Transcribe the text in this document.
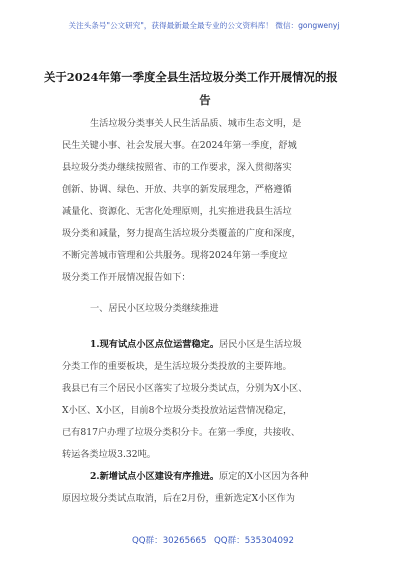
关注头条号"公文研究"，获得最新最全最专业的公文资料库！ 微信：gongwenyj
关于2024年第一季度全县生活垃圾分类工作开展情况的报
告
生活垃圾分类事关人民生活品质、城市生态文明，是
民生关键小事、社会发展大事。在2024年第一季度，舒城
县垃圾分类办继续按照省、市的工作要求，深入贯彻落实
创新、协调、绿色、开放、共享的新发展理念，严格遵循
减量化、资源化、无害化处理原则，扎实推进我县生活垃
圾分类和减量，努力提高生活垃圾分类覆盖的广度和深度，
不断完善城市管理和公共服务。现将2024年第一季度垃
圾分类工作开展情况报告如下：
一、居民小区垃圾分类继续推进
1.现有试点小区点位运营稳定。居民小区是生活垃圾
分类工作的重要板块，是生活垃圾分类投放的主要阵地。
我县已有三个居民小区落实了垃圾分类试点，分别为X小区、
X小区、X小区，目前8个垃圾分类投放站运营情况稳定，
已有817户办理了垃圾分类积分卡。在第一季度，共接收、
转运各类垃圾3.32吨。
2.新增试点小区建设有序推进。原定的X小区因为各种
原因垃圾分类试点取消，后在2月份，重新选定X小区作为
QQ群：30265665 QQ群：535304092
